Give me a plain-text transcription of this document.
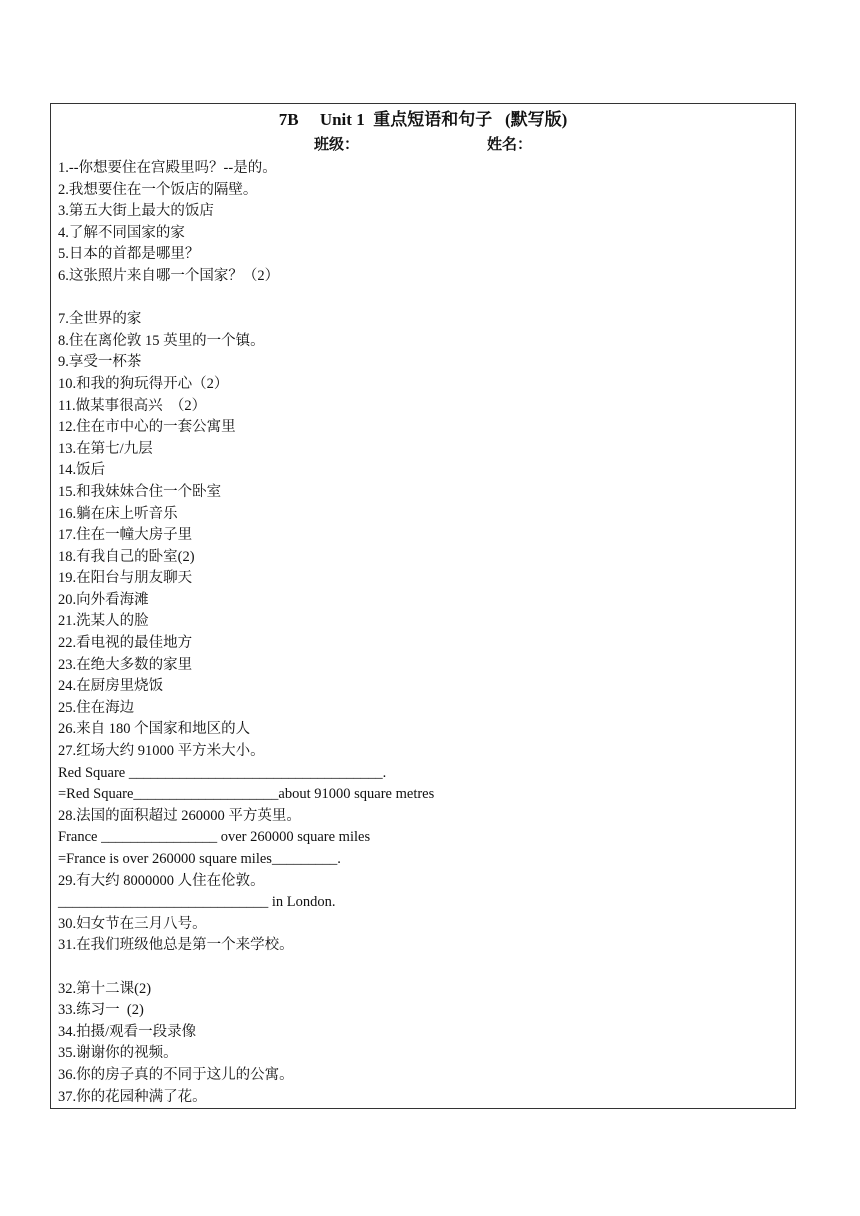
7B     Unit 1  重点短语和句子   (默写版)
班级：	姓名：
1.--你想要住在宫殿里吗？--是的。
2.我想要住在一个饭店的隔壁。
3.第五大街上最大的饭店
4.了解不同国家的家
5.日本的首都是哪里？
6.这张照片来自哪一个国家？（2）
7.全世界的家
8.住在离伦敦 15 英里的一个镇。
9.享受一杯茶
10.和我的狗玩得开心（2）
11.做某事很高兴  （2）
12.住在市中心的一套公寓里
13.在第七/九层
14.饭后
15.和我妹妹合住一个卧室
16.躺在床上听音乐
17.住在一幢大房子里
18.有我自己的卧室(2)
19.在阳台与朋友聊天
20.向外看海滩
21.洗某人的脸
22.看电视的最佳地方
23.在绝大多数的家里
24.在厨房里烧饭
25.住在海边
26.来自 180 个国家和地区的人
27.红场大约 91000 平方米大小。
Red Square ___________________________________.
=Red Square____________________about 91000 square metres
28.法国的面积超过 260000 平方英里。
France ________________ over 260000 square miles
=France is over 260000 square miles_________.
29.有大约 8000000 人住在伦敦。
_____________________________ in London.
30.妇女节在三月八号。
31.在我们班级他总是第一个来学校。
32.第十二课(2)
33.练习一  (2)
34.拍摄/观看一段录像
35.谢谢你的视频。
36.你的房子真的不同于这儿的公寓。
37.你的花园种满了花。
